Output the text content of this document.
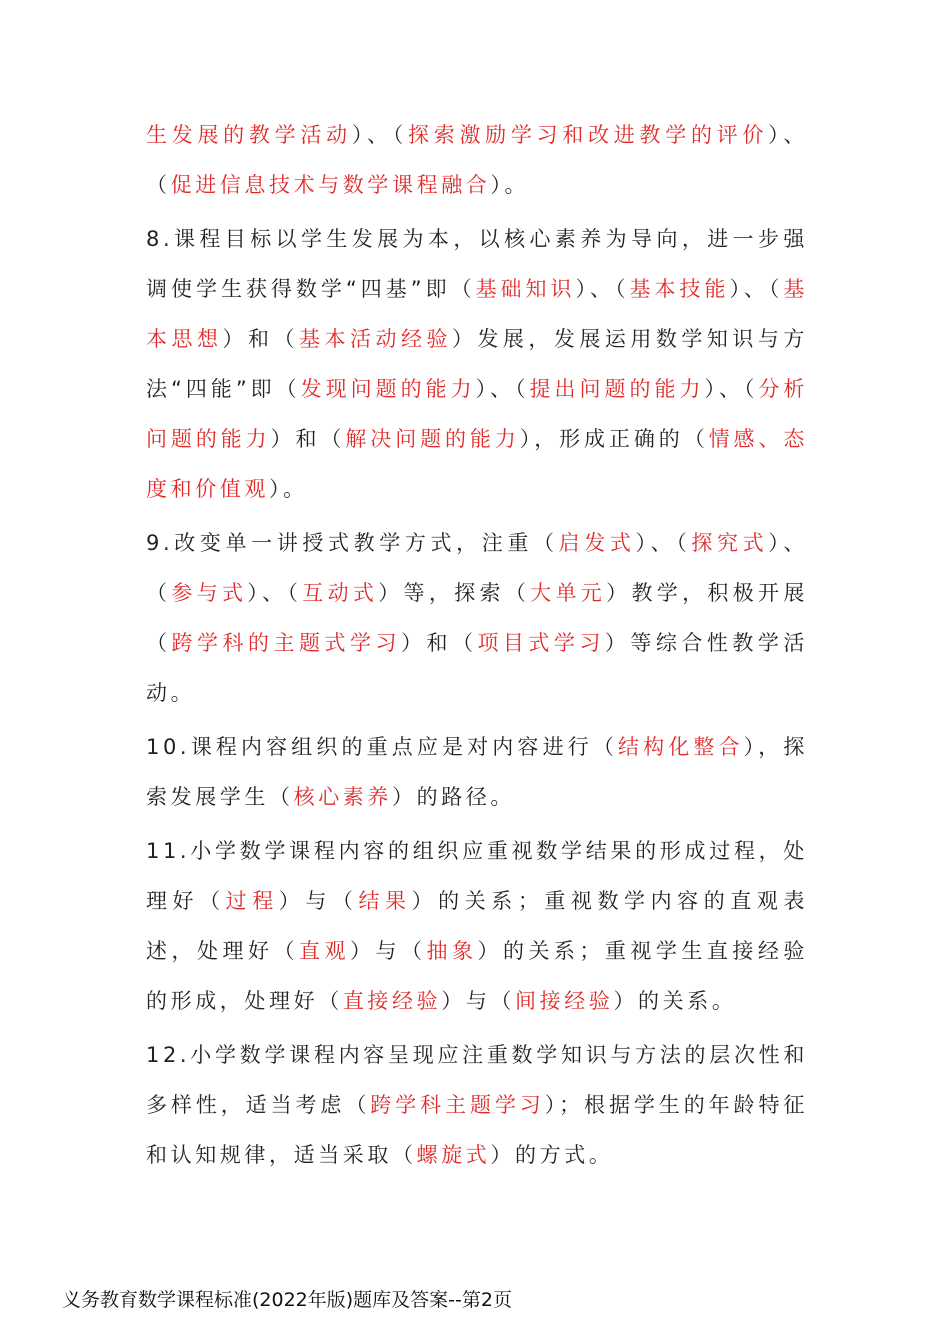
生发展的教学活动）、（探索激励学习和改进教学的评价）、（促进信息技术与数学课程融合）。

8.课程目标以学生发展为本，以核心素养为导向，进一步强调使学生获得数学“四基”即（基础知识）、（基本技能）、（基本思想）和（基本活动经验）发展，发展运用数学知识与方法“四能”即（发现问题的能力）、（提出问题的能力）、（分析问题的能力）和（解决问题的能力），形成正确的（情感、态度和价值观）。

9.改变单一讲授式教学方式，注重（启发式）、（探究式）、（参与式）、（互动式）等，探索（大单元）教学，积极开展（跨学科的主题式学习）和（项目式学习）等综合性教学活动。

10.课程内容组织的重点应是对内容进行（结构化整合），探索发展学生（核心素养）的路径。

11.小学数学课程内容的组织应重视数学结果的形成过程，处理好（过程）与（结果）的关系；重视数学内容的直观表述，处理好（直观）与（抽象）的关系；重视学生直接经验的形成，处理好（直接经验）与（间接经验）的关系。

12.小学数学课程内容呈现应注重数学知识与方法的层次性和多样性，适当考虑（跨学科主题学习）；根据学生的年龄特征和认知规律，适当采取（螺旋式）的方式。

义务教育数学课程标准(2022年版)题库及答案--第2页
